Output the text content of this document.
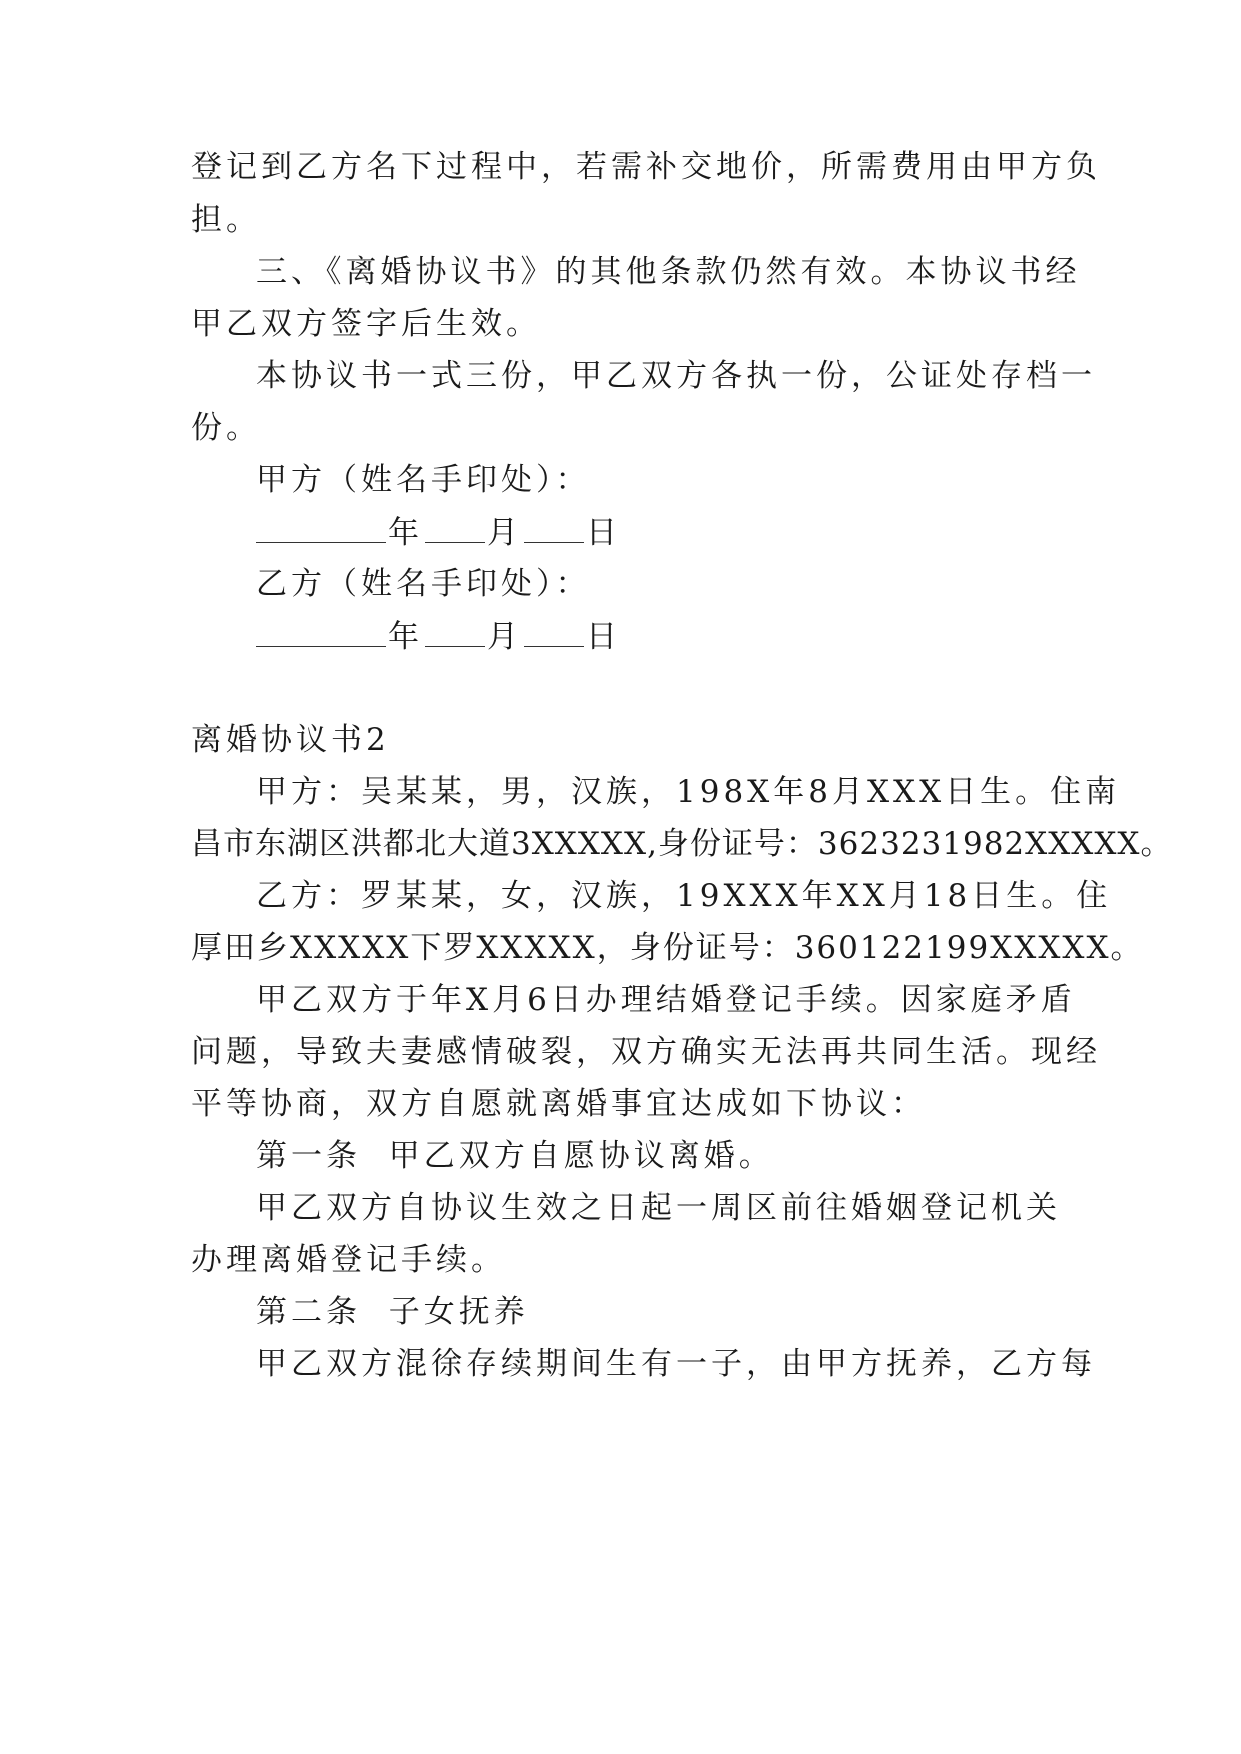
登记到乙方名下过程中，若需补交地价，所需费用由甲方负
担。
三、《离婚协议书》的其他条款仍然有效。本协议书经
甲乙双方签字后生效。
本协议书一式三份，甲乙双方各执一份，公证处存档一
份。
甲方（姓名手印处）：
年 月 日
乙方（姓名手印处）：
年 月 日
离婚协议书2
甲方：吴某某，男，汉族，198X年8月XXX日生。住南
昌市东湖区洪都北大道3XXXXX,身份证号：3623231982XXXXX。
乙方：罗某某，女，汉族，19XXX年XX月18日生。住
厚田乡XXXXX下罗XXXXX，身份证号：360122199XXXXX。
甲乙双方于年X月6日办理结婚登记手续。因家庭矛盾
问题，导致夫妻感情破裂，双方确实无法再共同生活。现经
平等协商，双方自愿就离婚事宜达成如下协议：
第一条  甲乙双方自愿协议离婚。
甲乙双方自协议生效之日起一周区前往婚姻登记机关
办理离婚登记手续。
第二条  子女抚养
甲乙双方混徐存续期间生有一子，由甲方抚养，乙方每
